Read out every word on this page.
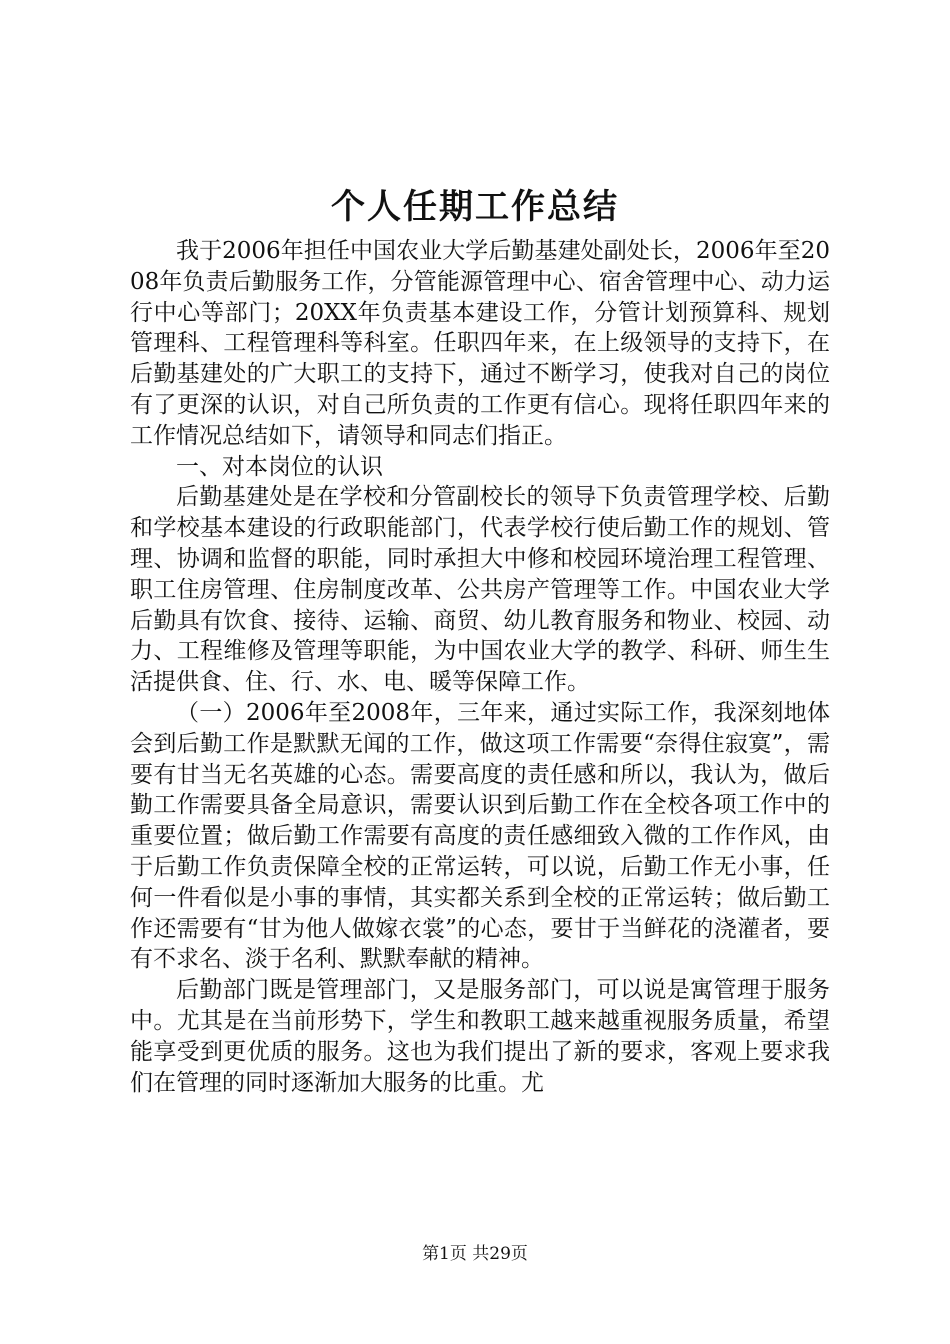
个人任期工作总结

我于2006年担任中国农业大学后勤基建处副处长，2006年至2008年负责后勤服务工作，分管能源管理中心、宿舍管理中心、动力运行中心等部门；20XX年负责基本建设工作，分管计划预算科、规划管理科、工程管理科等科室。任职四年来，在上级领导的支持下，在后勤基建处的广大职工的支持下，通过不断学习，使我对自己的岗位有了更深的认识，对自己所负责的工作更有信心。现将任职四年来的工作情况总结如下，请领导和同志们指正。

一、对本岗位的认识

后勤基建处是在学校和分管副校长的领导下负责管理学校、后勤和学校基本建设的行政职能部门，代表学校行使后勤工作的规划、管理、协调和监督的职能，同时承担大中修和校园环境治理工程管理、职工住房管理、住房制度改革、公共房产管理等工作。中国农业大学后勤具有饮食、接待、运输、商贸、幼儿教育服务和物业、校园、动力、工程维修及管理等职能，为中国农业大学的教学、科研、师生生活提供食、住、行、水、电、暖等保障工作。

（一）2006年至2008年，三年来，通过实际工作，我深刻地体会到后勤工作是默默无闻的工作，做这项工作需要“奈得住寂寞”，需要有甘当无名英雄的心态。需要高度的责任感和所以，我认为，做后勤工作需要具备全局意识，需要认识到后勤工作在全校各项工作中的重要位置；做后勤工作需要有高度的责任感细致入微的工作作风，由于后勤工作负责保障全校的正常运转，可以说，后勤工作无小事，任何一件看似是小事的事情，其实都关系到全校的正常运转；做后勤工作还需要有“甘为他人做嫁衣裳”的心态，要甘于当鲜花的浇灌者，要有不求名、淡于名利、默默奉献的精神。

后勤部门既是管理部门，又是服务部门，可以说是寓管理于服务中。尤其是在当前形势下，学生和教职工越来越重视服务质量，希望能享受到更优质的服务。这也为我们提出了新的要求，客观上要求我们在管理的同时逐渐加大服务的比重。尤

第1页 共29页
